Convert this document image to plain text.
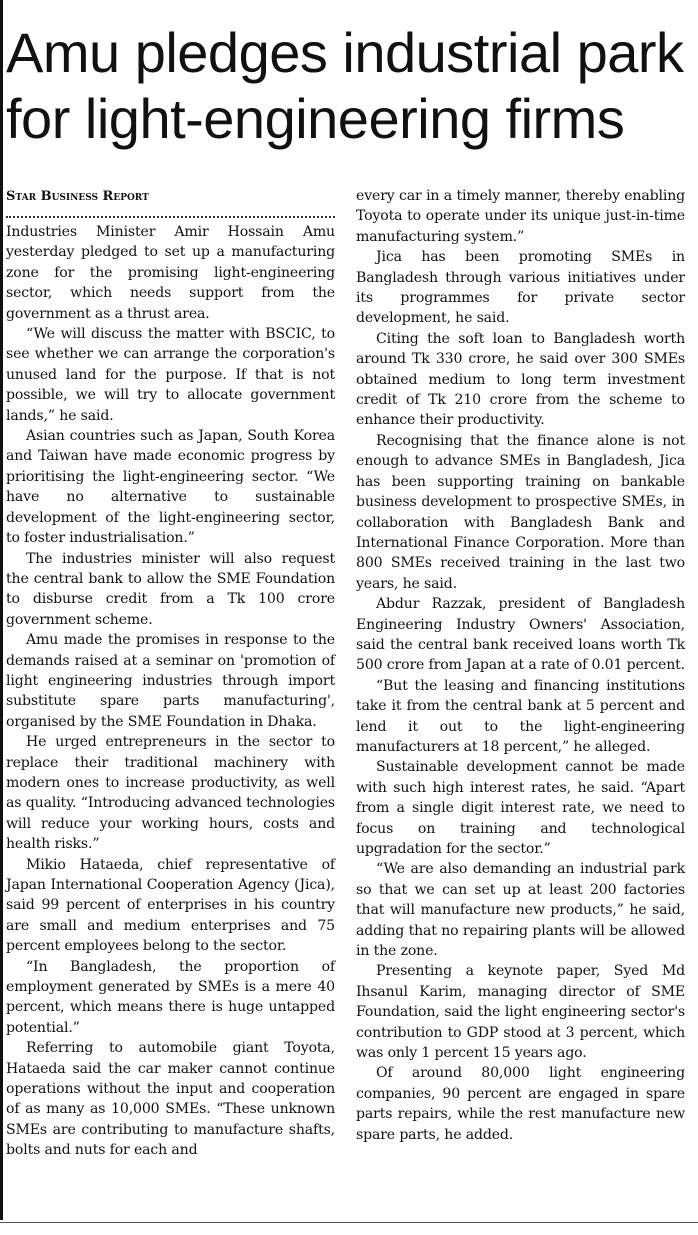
Amu pledges industrial park
for light-engineering firms

Star Business Report

Industries Minister Amir Hossain Amu yesterday pledged to set up a manufacturing zone for the promising light-engineering sector, which needs support from the government as a thrust area.

“We will discuss the matter with BSCIC, to see whether we can arrange the corporation's unused land for the purpose. If that is not possible, we will try to allocate government lands,” he said.

Asian countries such as Japan, South Korea and Taiwan have made economic progress by prioritising the light-engineering sector. “We have no alternative to sustainable development of the light-engineering sector, to foster industrialisation.”

The industries minister will also request the central bank to allow the SME Foundation to disburse credit from a Tk 100 crore government scheme.

Amu made the promises in response to the demands raised at a seminar on 'promotion of light engineering industries through import substitute spare parts manufacturing', organised by the SME Foundation in Dhaka.

He urged entrepreneurs in the sector to replace their traditional machinery with modern ones to increase productivity, as well as quality. “Introducing advanced technologies will reduce your working hours, costs and health risks.”

Mikio Hataeda, chief representative of Japan International Cooperation Agency (Jica), said 99 percent of enterprises in his country are small and medium enterprises and 75 percent employees belong to the sector.

“In Bangladesh, the proportion of employment generated by SMEs is a mere 40 percent, which means there is huge untapped potential.”

Referring to automobile giant Toyota, Hataeda said the car maker cannot continue operations without the input and cooperation of as many as 10,000 SMEs. “These unknown SMEs are contributing to manufacture shafts, bolts and nuts for each and

every car in a timely manner, thereby enabling Toyota to operate under its unique just-in-time manufacturing system.”

Jica has been promoting SMEs in Bangladesh through various initiatives under its programmes for private sector development, he said.

Citing the soft loan to Bangladesh worth around Tk 330 crore, he said over 300 SMEs obtained medium to long term investment credit of Tk 210 crore from the scheme to enhance their productivity.

Recognising that the finance alone is not enough to advance SMEs in Bangladesh, Jica has been supporting training on bankable business development to prospective SMEs, in collaboration with Bangladesh Bank and International Finance Corporation. More than 800 SMEs received training in the last two years, he said.

Abdur Razzak, president of Bangladesh Engineering Industry Owners' Association, said the central bank received loans worth Tk 500 crore from Japan at a rate of 0.01 percent.

“But the leasing and financing institutions take it from the central bank at 5 percent and lend it out to the light-engineering manufacturers at 18 percent,” he alleged.

Sustainable development cannot be made with such high interest rates, he said. “Apart from a single digit interest rate, we need to focus on training and technological upgradation for the sector.”

“We are also demanding an industrial park so that we can set up at least 200 factories that will manufacture new products,” he said, adding that no repairing plants will be allowed in the zone.

Presenting a keynote paper, Syed Md Ihsanul Karim, managing director of SME Foundation, said the light engineering sector's contribution to GDP stood at 3 percent, which was only 1 percent 15 years ago.

Of around 80,000 light engineering companies, 90 percent are engaged in spare parts repairs, while the rest manufacture new spare parts, he added.
